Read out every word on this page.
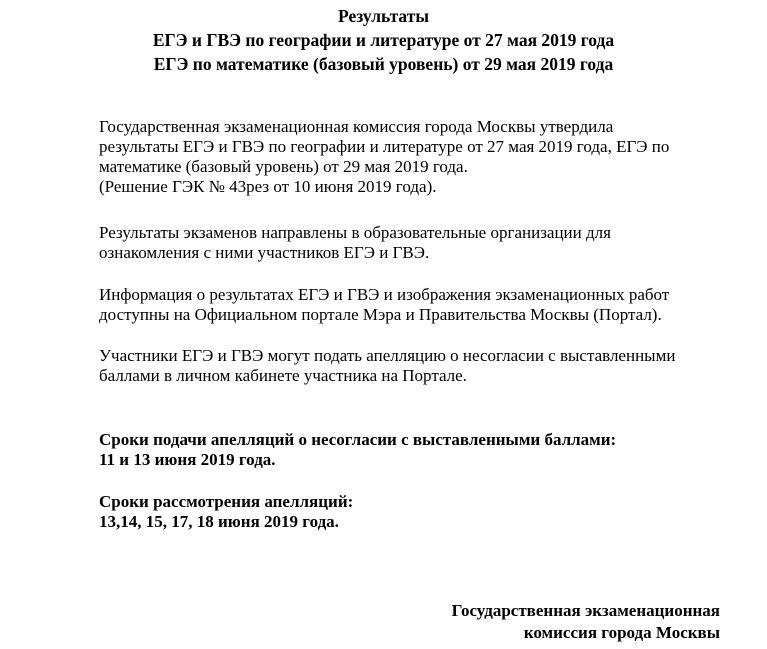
Результаты
ЕГЭ и ГВЭ по географии и литературе от 27 мая 2019 года
ЕГЭ по математике (базовый уровень) от 29 мая 2019 года
Государственная экзаменационная комиссия города Москвы утвердила
результаты ЕГЭ и ГВЭ по географии и литературе от 27 мая 2019 года, ЕГЭ по
математике (базовый уровень) от 29 мая 2019 года.
(Решение ГЭК № 43рез от 10 июня 2019 года).
Результаты экзаменов направлены в образовательные организации для
ознакомления с ними участников ЕГЭ и ГВЭ.
Информация о результатах ЕГЭ и ГВЭ и изображения экзаменационных работ
доступны на Официальном портале Мэра и Правительства Москвы (Портал).
Участники ЕГЭ и ГВЭ могут подать апелляцию о несогласии с выставленными
баллами в личном кабинете участника на Портале.
Сроки подачи апелляций о несогласии с выставленными баллами:
11 и 13 июня 2019 года.
Сроки рассмотрения апелляций:
13,14, 15, 17, 18 июня 2019 года.
Государственная экзаменационная
комиссия города Москвы
